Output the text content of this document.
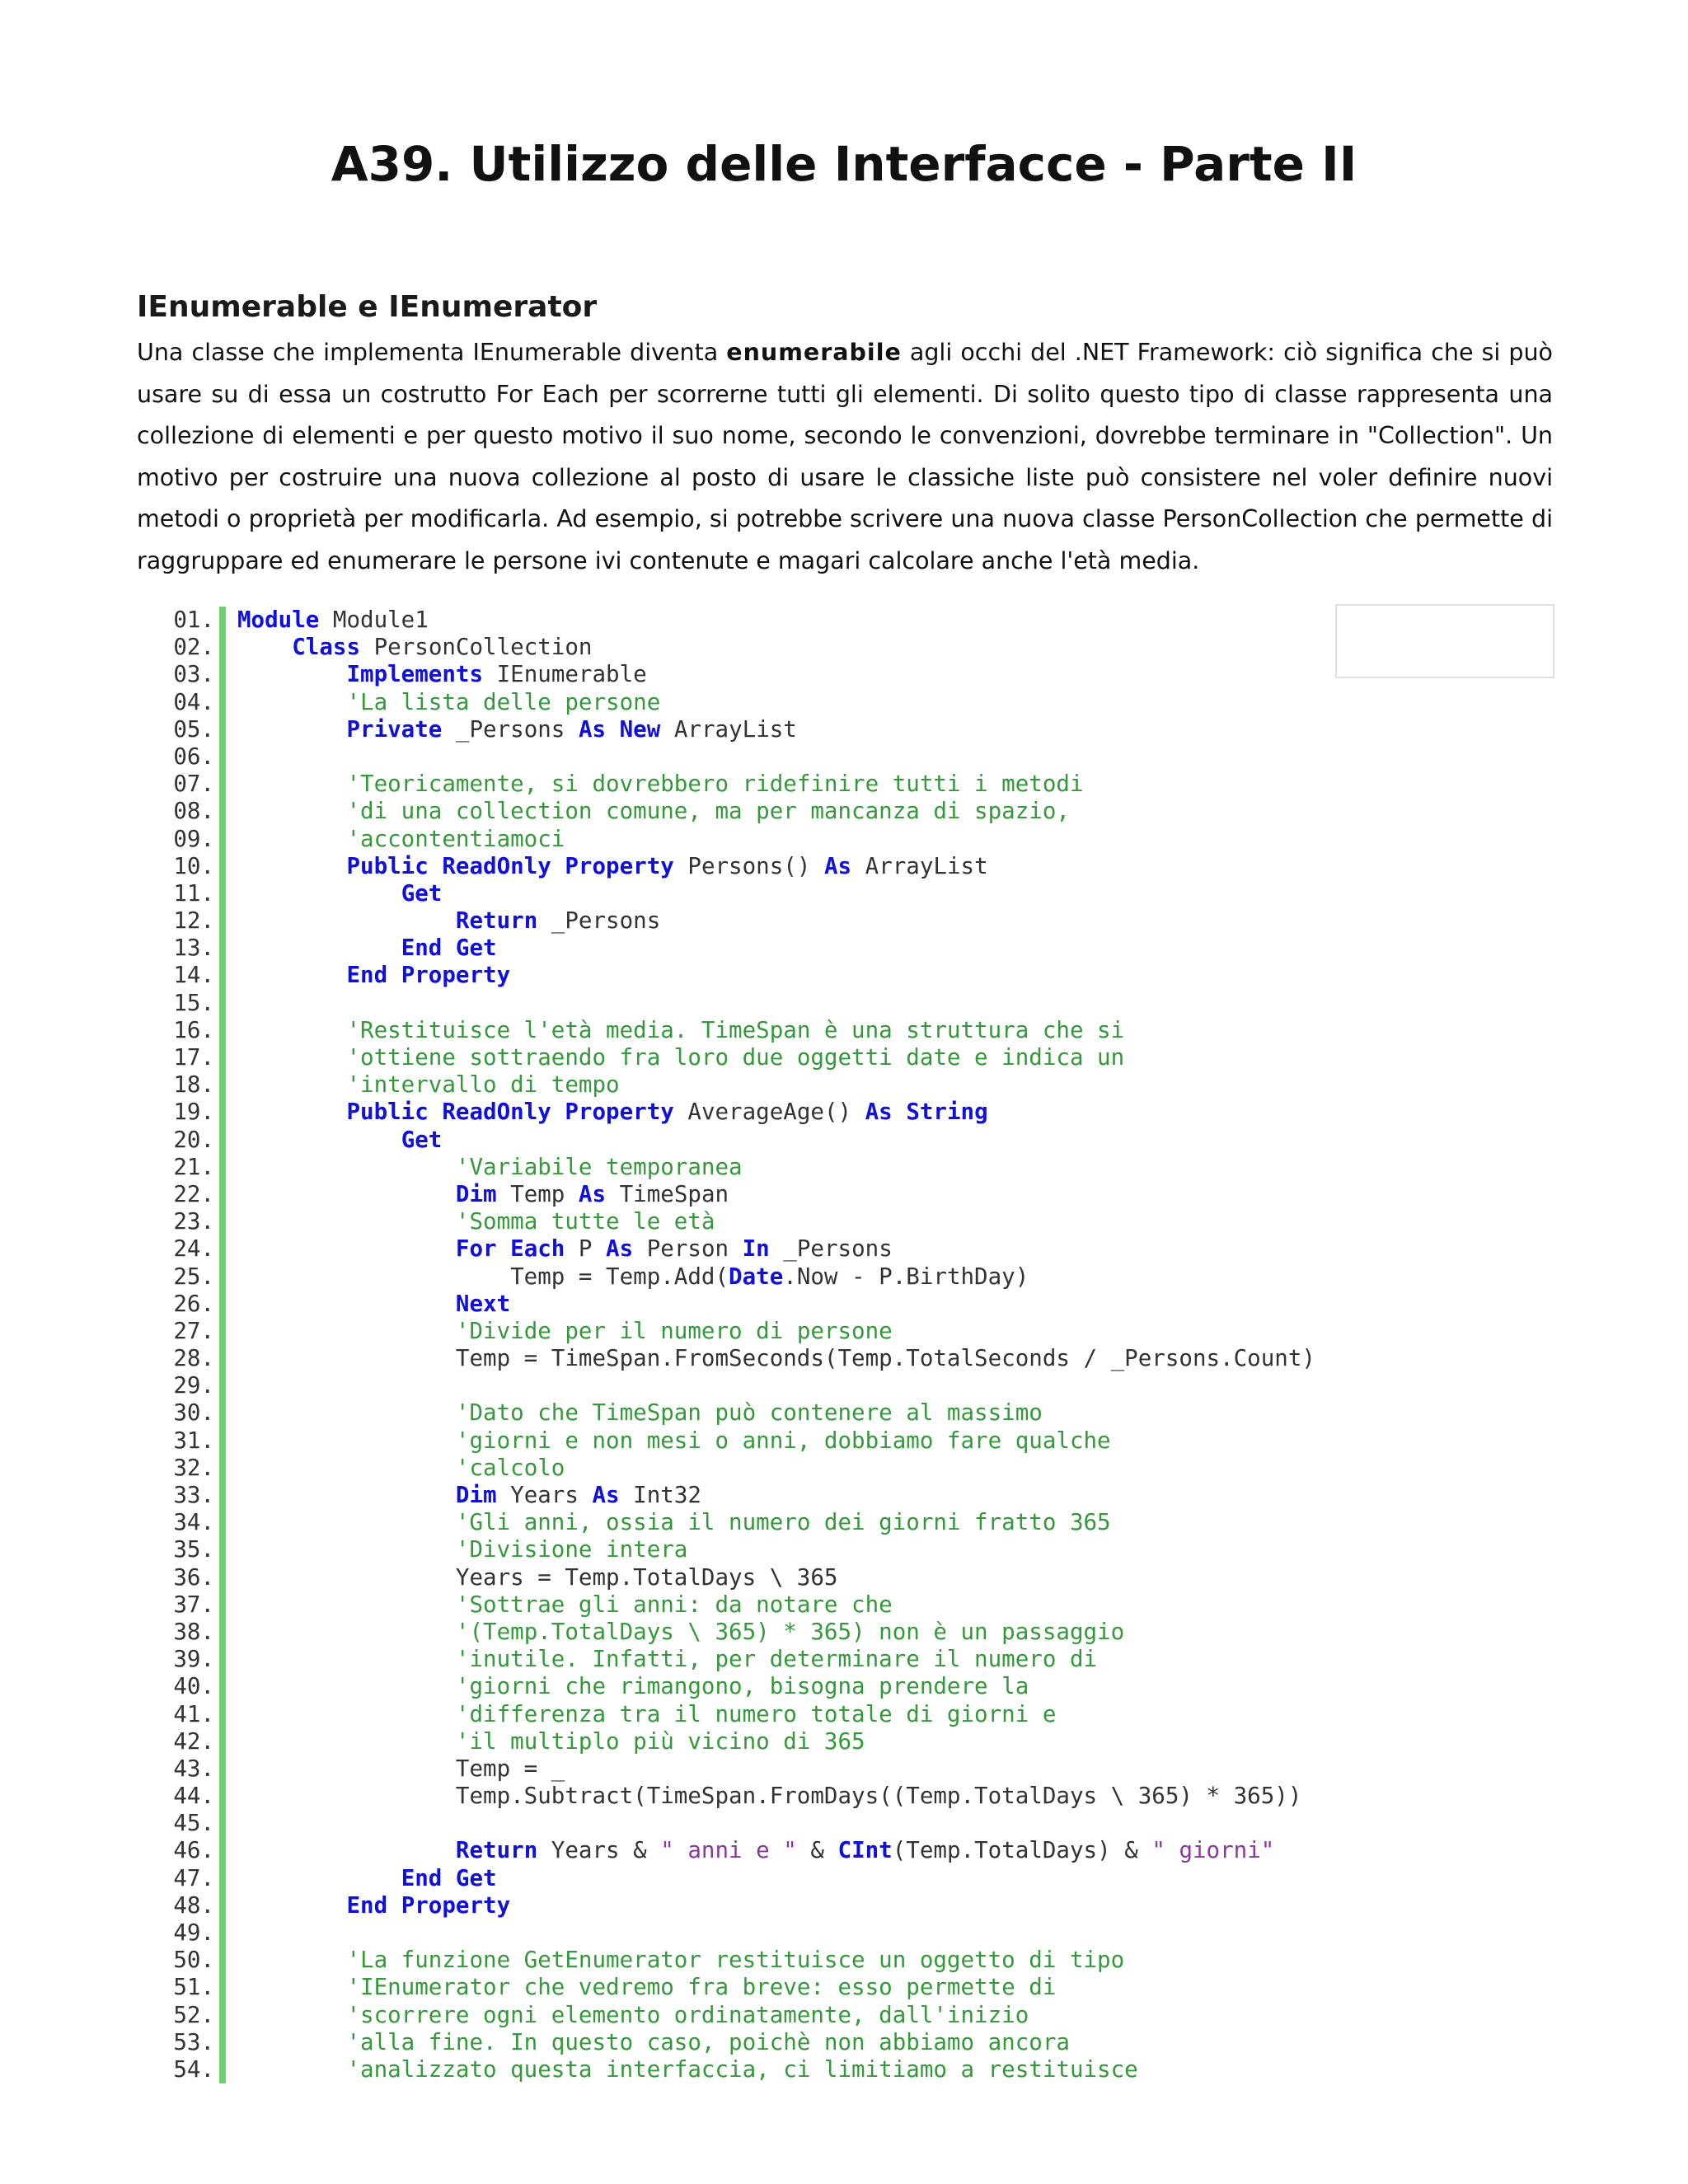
A39. Utilizzo delle Interfacce - Parte II
IEnumerable e IEnumerator

Una classe che implementa IEnumerable diventa enumerabile agli occhi del .NET Framework: ciò significa che si può usare su di essa un costrutto For Each per scorrerne tutti gli elementi. Di solito questo tipo di classe rappresenta una collezione di elementi e per questo motivo il suo nome, secondo le convenzioni, dovrebbe terminare in "Collection". Un motivo per costruire una nuova collezione al posto di usare le classiche liste può consistere nel voler definire nuovi metodi o proprietà per modificarla. Ad esempio, si potrebbe scrivere una nuova classe PersonCollection che permette di raggruppare ed enumerare le persone ivi contenute e magari calcolare anche l'età media.

01. Module Module1
02.	Class PersonCollection
03.	Implements IEnumerable
04.	'La lista delle persone
05.	Private _Persons As New ArrayList
06.
07.	'Teoricamente, si dovrebbero ridefinire tutti i metodi
08.	'di una collection comune, ma per mancanza di spazio,
09.	'accontentiamoci
10.	Public ReadOnly Property Persons() As ArrayList
11.	Get
12.	Return _Persons
13.	End Get
14.	End Property
15.
16.	'Restituisce l'età media. TimeSpan è una struttura che si
17.	'ottiene sottraendo fra loro due oggetti date e indica un
18.	'intervallo di tempo
19.	Public ReadOnly Property AverageAge() As String
20.	Get
21.	'Variabile temporanea
22.	Dim Temp As TimeSpan
23.	'Somma tutte le età
24.	For Each P As Person In _Persons
25. Temp = Temp.Add(Date.Now - P.BirthDay)
26.	Next
27.	'Divide per il numero di persone
28. Temp = TimeSpan.FromSeconds(Temp.TotalSeconds / _Persons.Count)
29.
30.	'Dato che TimeSpan può contenere al massimo
31.	'giorni e non mesi o anni, dobbiamo fare qualche
32.	'calcolo
33.	Dim Years As Int32
34.	'Gli anni, ossia il numero dei giorni fratto 365
35.	'Divisione intera
36. Years = Temp.TotalDays \ 365
37.	'Sottrae gli anni: da notare che
38.	'(Temp.TotalDays \ 365) * 365) non è un passaggio
39.	'inutile. Infatti, per determinare il numero di
40.	'giorni che rimangono, bisogna prendere la
41.	'differenza tra il numero totale di giorni e
42.	'il multiplo più vicino di 365
43. Temp = _
44. Temp.Subtract(TimeSpan.FromDays((Temp.TotalDays \ 365) * 365))
45.
46.	Return Years & " anni e " & CInt(Temp.TotalDays) & " giorni"
47.	End Get
48.	End Property
49.
50.	'La funzione GetEnumerator restituisce un oggetto di tipo
51.	'IEnumerator che vedremo fra breve: esso permette di
52.	'scorrere ogni elemento ordinatamente, dall'inizio
53.	'alla fine. In questo caso, poichè non abbiamo ancora
54.	'analizzato questa interfaccia, ci limitiamo a restituisce
